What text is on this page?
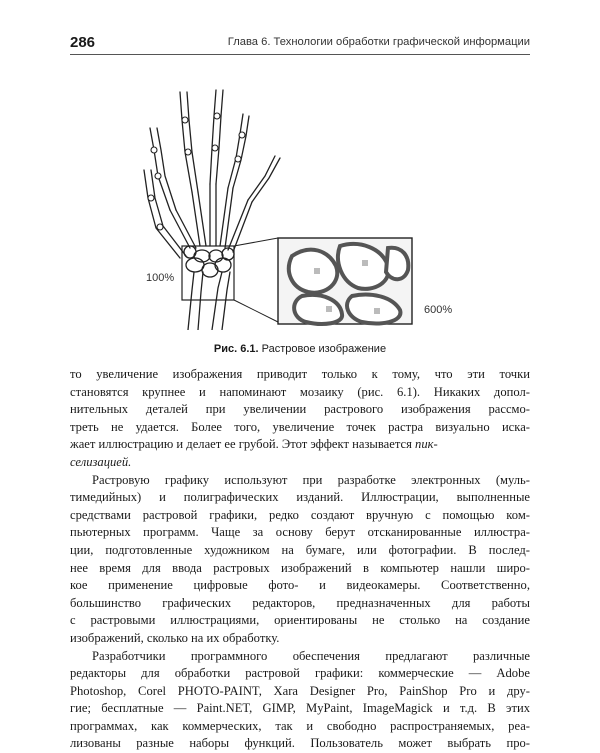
286	Глава 6. Технологии обработки графической информации
100%
600%
Рис. 6.1. Растровое изображение
то увеличение изображения приводит только к тому, что эти точки
становятся крупнее и напоминают мозаику (рис. 6.1). Никаких допол-
нительных деталей при увеличении растрового изображения рассмо-
треть не удается. Более того, увеличение точек растра визуально иска-
жает иллюстрацию и делает ее грубой. Этот эффект называется пик-
селизацией.
Растровую графику используют при разработке электронных (муль-
тимедийных) и полиграфических изданий. Иллюстрации, выполненные
средствами растровой графики, редко создают вручную с помощью ком-
пьютерных программ. Чаще за основу берут отсканированные иллюстра-
ции, подготовленные художником на бумаге, или фотографии. В послед-
нее время для ввода растровых изображений в компьютер нашли широ-
кое применение цифровые фото- и видеокамеры. Соответственно,
большинство графических редакторов, предназначенных для работы
с растровыми иллюстрациями, ориентированы не столько на создание
изображений, сколько на их обработку.
Разработчики программного обеспечения предлагают различные
редакторы для обработки растровой графики: коммерческие — Adobe
Photoshop, Corel PHOTO-PAINT, Xara Designer Pro, PainShop Pro и дру-
гие; бесплатные — Paint.NET, GIMP, MyPaint, ImageMagick и т.д. В этих
программах, как коммерческих, так и свободно распространяемых, реа-
лизованы разные наборы функций. Пользователь может выбрать про-
